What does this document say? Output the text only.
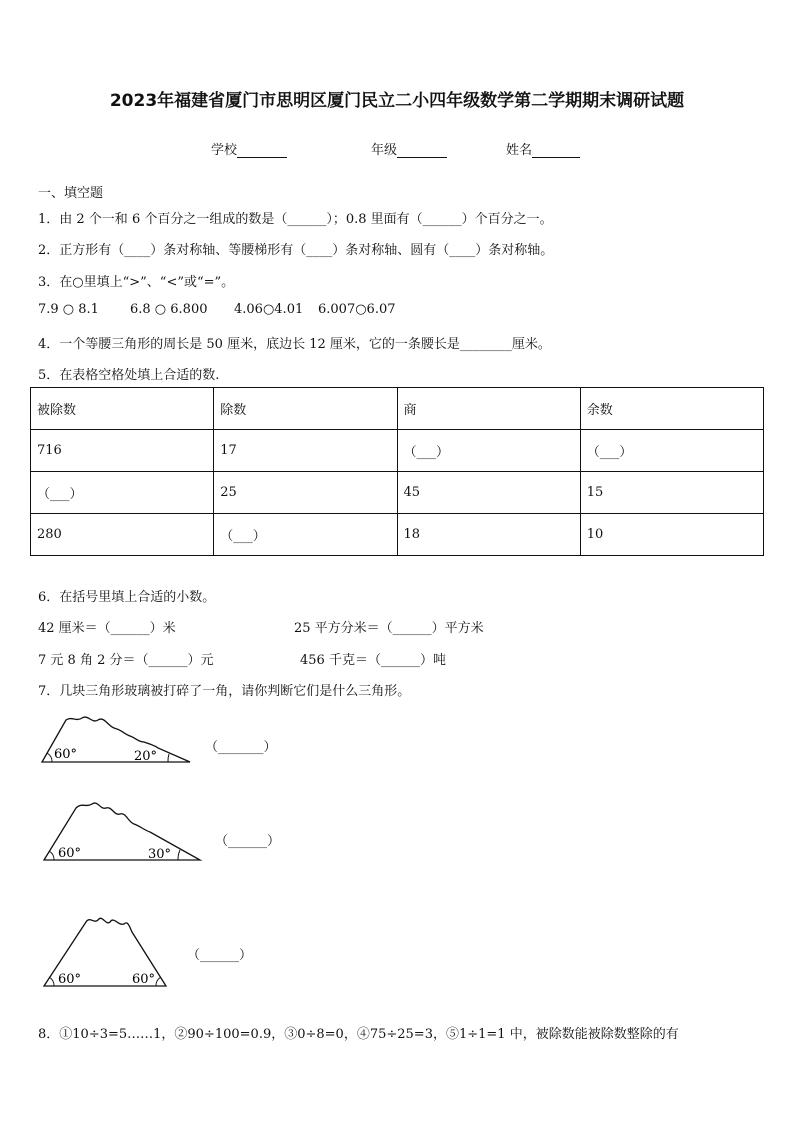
2023年福建省厦门市思明区厦门民立二小四年级数学第二学期期末调研试题
学校	年级	姓名
一、填空题
1．由 2 个一和 6 个百分之一组成的数是（______）；0.8 里面有（______）个百分之一。
2．正方形有（____）条对称轴、等腰梯形有（____）条对称轴、圆有（____）条对称轴。
3．在○里填上“>”、“<”或“=”。
7.9 ○ 8.1 6.8 ○ 6.800 4.06○4.01 6.007○6.07
4．一个等腰三角形的周长是 50 厘米，底边长 12 厘米，它的一条腰长是________厘米。
5．在表格空格处填上合适的数.
被除数	除数	商	余数
716	17	（___）	（___）
（___）	25	45	15
280	（___）	18	10
6．在括号里填上合适的小数。
42 厘米＝（______）米	25 平方分米＝（______）平方米
7 元 8 角 2 分＝（______）元	456 千克＝（______）吨
7．几块三角形玻璃被打碎了一角，请你判断它们是什么三角形。
60°	20°
（_______）
60°	30°
（______）
60°	60°
（______）
8．①10÷3=5……1，②90÷100=0.9，③0÷8=0，④75÷25=3，⑤1÷1=1 中，被除数能被除数整除的有
